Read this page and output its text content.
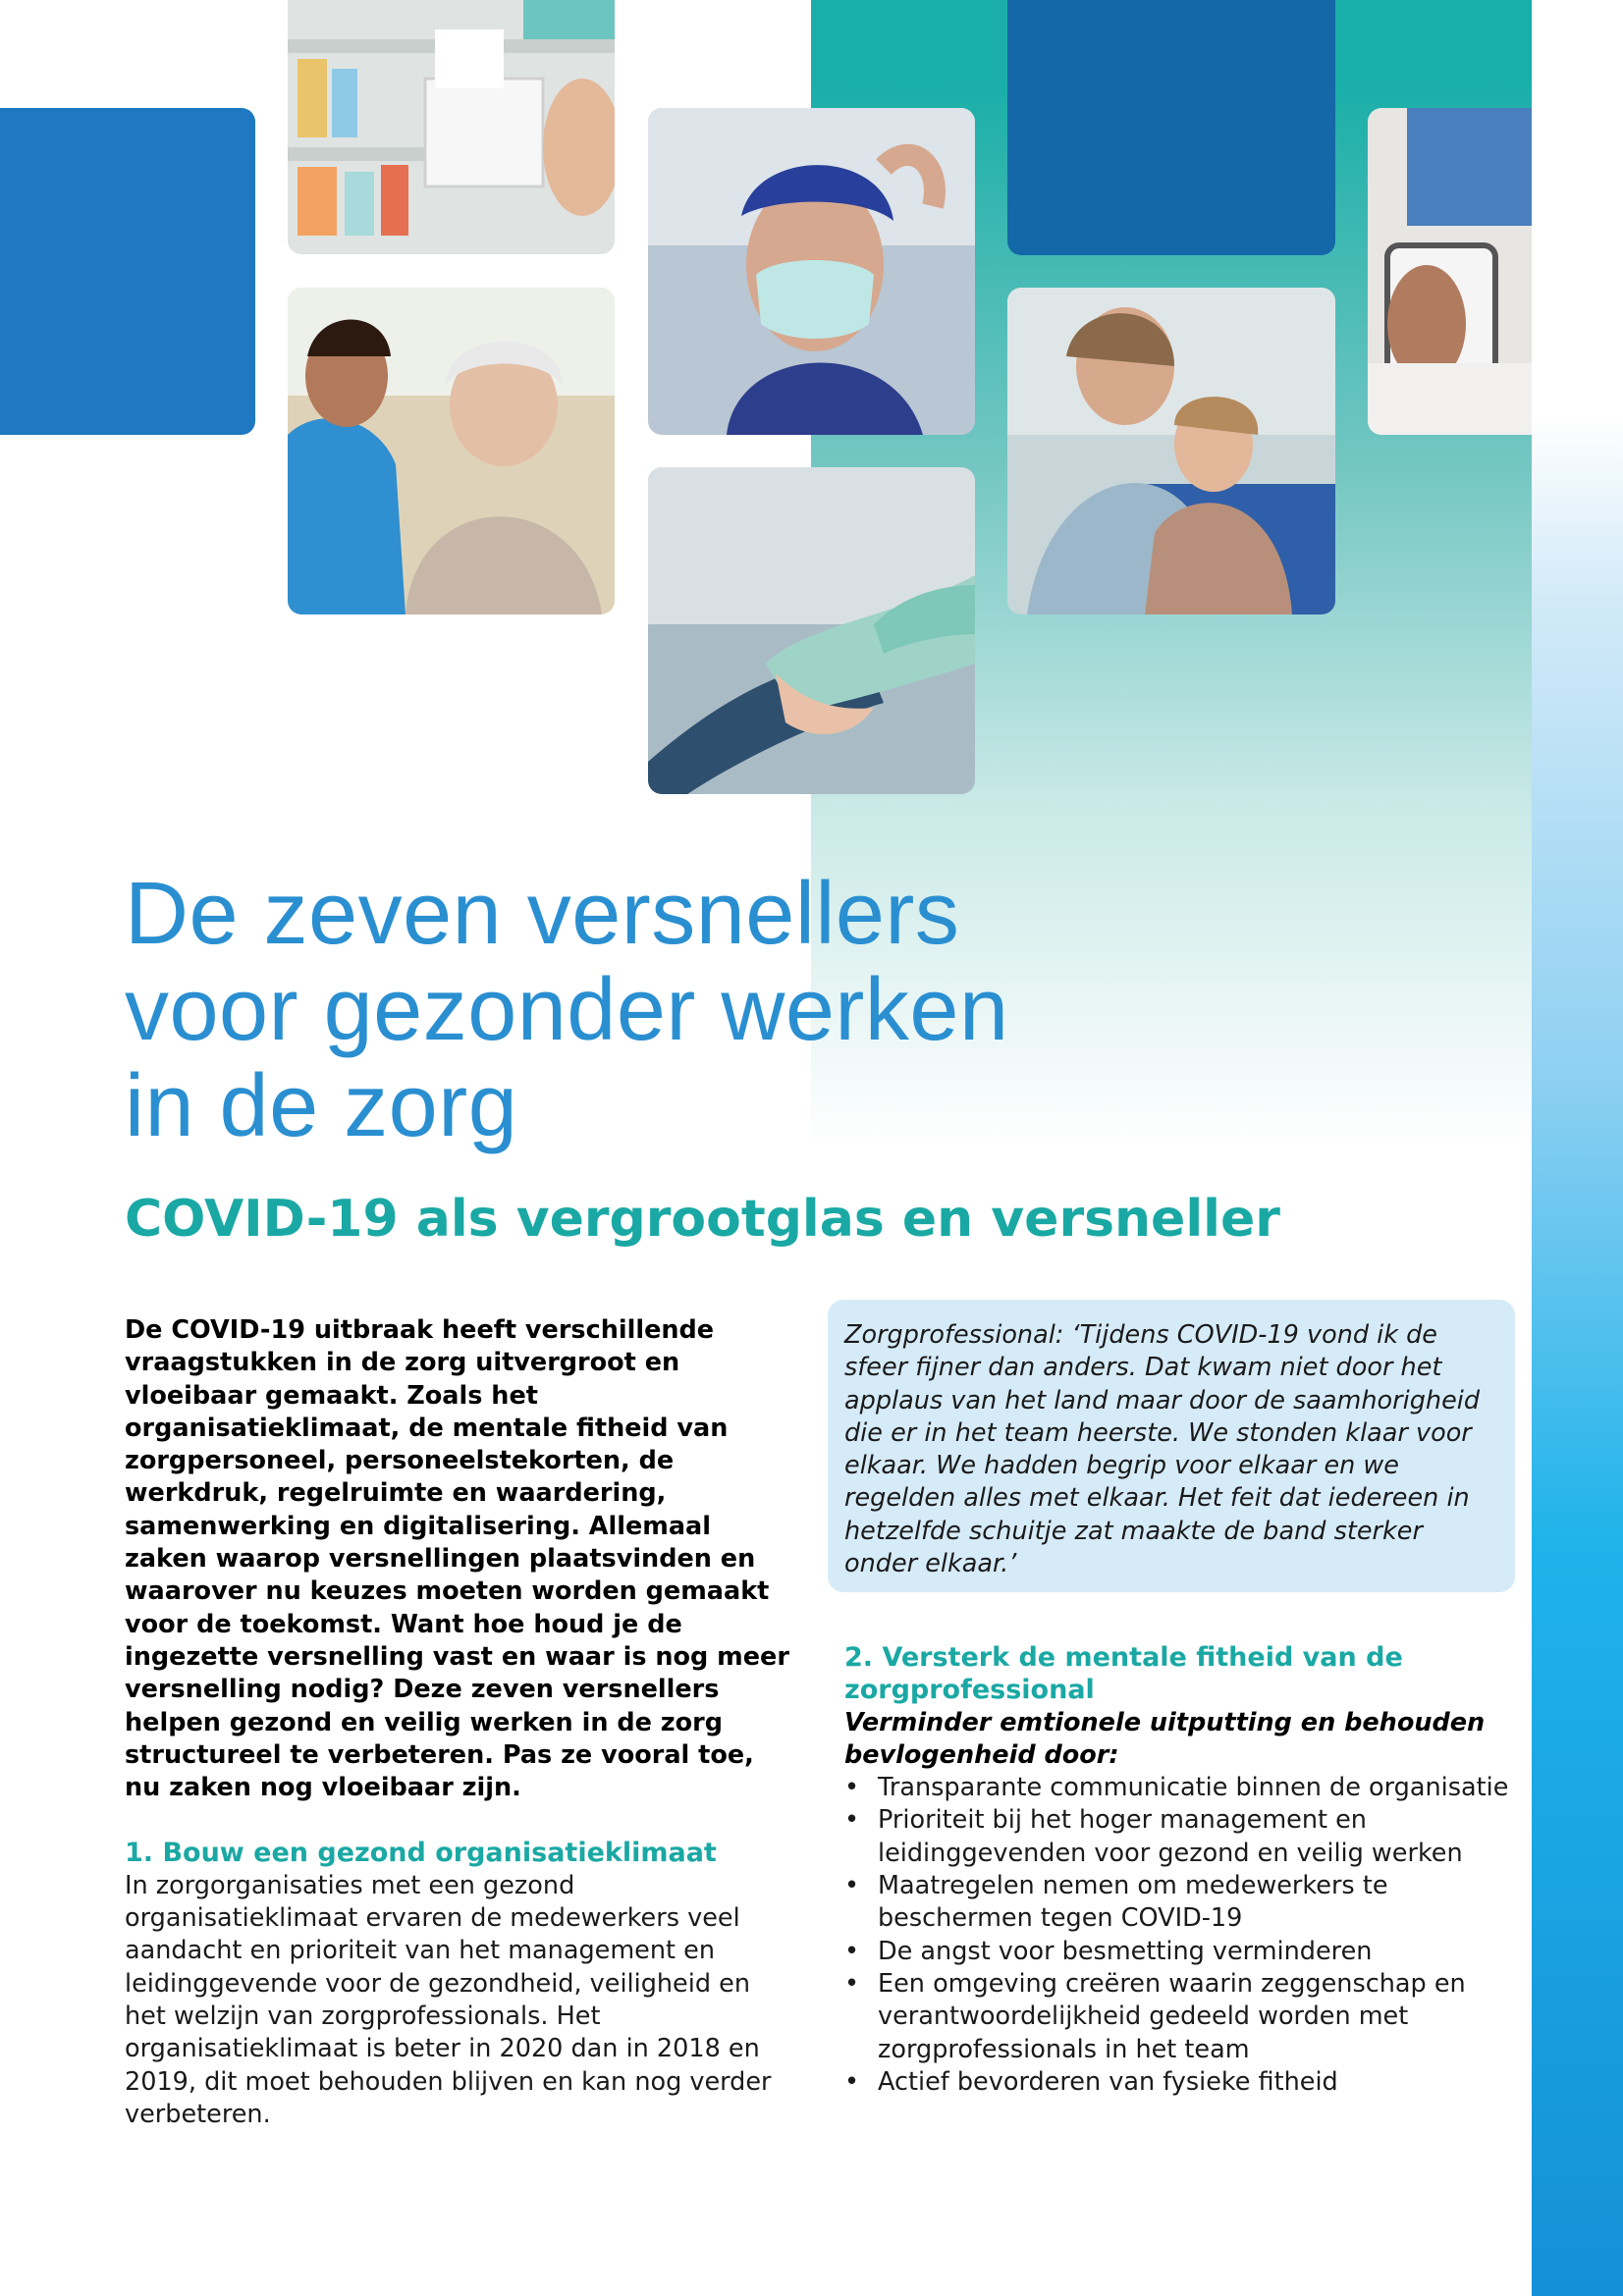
De zeven versnellers
voor gezonder werken
in de zorg
COVID-19 als vergrootglas en versneller

De COVID-19 uitbraak heeft verschillende vraagstukken in de zorg uitvergroot en vloeibaar gemaakt. Zoals het organisatieklimaat, de mentale fitheid van zorgpersoneel, personeelstekorten, de werkdruk, regelruimte en waardering, samenwerking en digitalisering. Allemaal zaken waarop versnellingen plaatsvinden en waarover nu keuzes moeten worden gemaakt voor de toekomst. Want hoe houd je de ingezette versnelling vast en waar is nog meer versnelling nodig? Deze zeven versnellers helpen gezond en veilig werken in de zorg structureel te verbeteren. Pas ze vooral toe, nu zaken nog vloeibaar zijn.

1. Bouw een gezond organisatieklimaat

In zorgorganisaties met een gezond organisatieklimaat ervaren de medewerkers veel aandacht en prioriteit van het management en leidinggevende voor de gezondheid, veiligheid en het welzijn van zorgprofessionals. Het organisatieklimaat is beter in 2020 dan in 2018 en 2019, dit moet behouden blijven en kan nog verder verbeteren.

Zorgprofessional: ‘Tijdens COVID-19 vond ik de sfeer fijner dan anders. Dat kwam niet door het applaus van het land maar door de saamhorigheid die er in het team heerste. We stonden klaar voor elkaar. We hadden begrip voor elkaar en we regelden alles met elkaar. Het feit dat iedereen in hetzelfde schuitje zat maakte de band sterker onder elkaar.’

2. Versterk de mentale fitheid van de zorgprofessional

Verminder emtionele uitputting en behouden bevlogenheid door:

• Transparante communicatie binnen de organisatie
• Prioriteit bij het hoger management en leidinggevenden voor gezond en veilig werken
• Maatregelen nemen om medewerkers te beschermen tegen COVID-19
• De angst voor besmetting verminderen
• Een omgeving creëren waarin zeggenschap en verantwoordelijkheid gedeeld worden met zorgprofessionals in het team
• Actief bevorderen van fysieke fitheid
